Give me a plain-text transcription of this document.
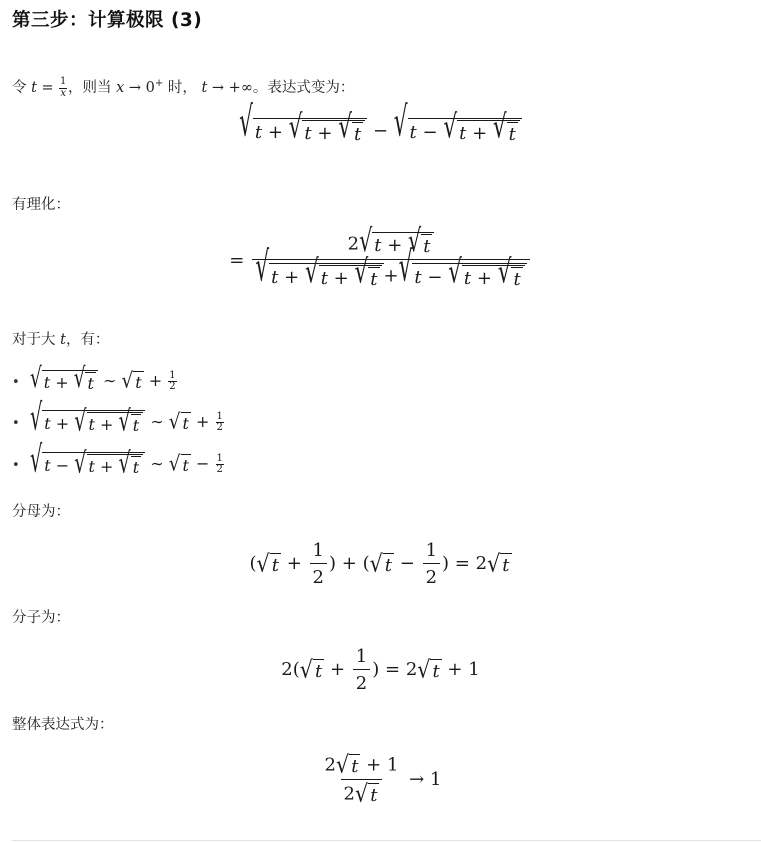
第三步：计算极限 (3)
令 $t = \frac{1}{x}$ ，则当 x → 0+ 时， t → +∞。表达式变为：
√ t
+
√ t
+
√ t − √ t
−
√ t
+
√ t
有理化：
= 2 √ t
+
√ t
√ t
+
√ t
+
√ t + √ t
−
√ t
+
√ t
对于大 t，有：
• √ t
+
√ t ∼ √ $t + \frac{1}{2}$
• √ t
+
√ t
+
√ t ∼ √ $t + \frac{1}{2}$
• √ t
−
√ t
+
√ t ∼ √ $t - \frac{1}{2}$
分母为：
( √ $t + \frac{1}{2}$ ) + ( √ $t - \frac{1}{2}$ ) = 2 √ t
分子为：
2( √ $t + \frac{1}{2}$ ) = 2 √ t + 1
整体表达式为：
$\frac{2 √ t + 1}{2 √ t} \to 1$
